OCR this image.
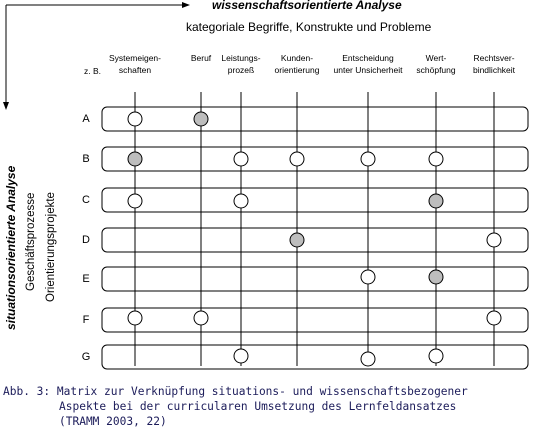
wissenschaftsorientierte Analyse
kategoriale Begriffe, Konstrukte und Probleme
z. B.
Systemeigen-
schaften
Beruf Leistungs-
prozeß
Kunden-
orientierung
Entscheidung
unter Unsicherheit
Wert-
schöpfung
Rechtsver-
bindlichkeit
A
B
C
D
E
F
G
situationsorientierte Analyse Geschäftsprozesse Orientierungsprojekte
Abb. 3: Matrix zur Verknüpfung situations- und wissenschaftsbezogener
Aspekte bei der curricularen Umsetzung des Lernfeldansatzes
(TRAMM 2003, 22)
